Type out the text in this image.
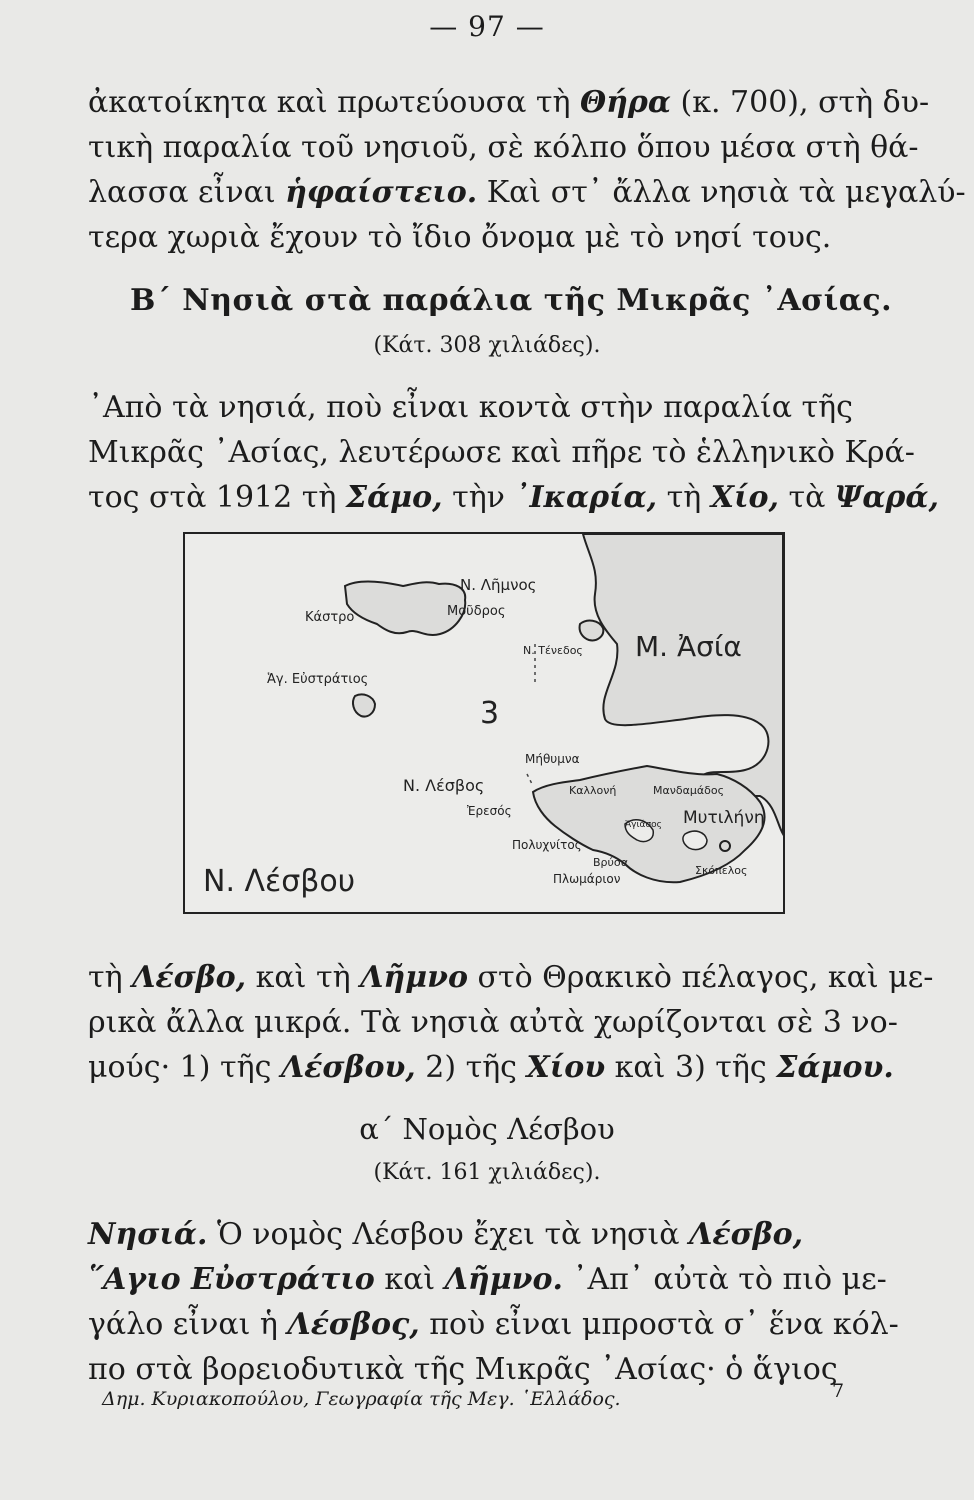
— 97 —
ἀκατοίκητα καὶ πρωτεύουσα τὴ Θήρα (κ. 700), στὴ δυ-
τικὴ παραλία τοῦ νησιοῦ, σὲ κόλπο ὅπου μέσα στὴ θά-
λασσα εἶναι ἡφαίστειο. Καὶ στ᾿ ἄλλα νησιὰ τὰ μεγαλύ-
τερα χωριὰ ἔχουν τὸ ἴδιο ὄνομα μὲ τὸ νησί τους.
Β΄ Νησιὰ στὰ παράλια τῆς Μικρᾶς ᾿Ασίας.
(Κάτ. 308 χιλιάδες).
᾿Απὸ τὰ νησιά, ποὺ εἶναι κοντὰ στὴν παραλία τῆς
Μικρᾶς ᾿Ασίας, λευτέρωσε καὶ πῆρε τὸ ἑλληνικὸ Κρά-
τος στὰ 1912 τὴ Σάμο, τὴν ᾿Ικαρία, τὴ Χίο, τὰ Ψαρά,
Ν. Λῆμνος
Κάστρο	Μοῦδρος
Ν. Τένεδος Μ. Ἀσία
Ἁγ. Εὐστράτιος
3
Μήθυμνα
Ν. Λέσβος	Καλλονή	Μανδαμάδος
Ἐρεσός
Ἁγιάσος Μυτιλήνη
Πολυχνίτος
Βρύσα
Πλωμάριον
Σκόπελος
Ν. Λέσβου
τὴ Λέσβο, καὶ τὴ Λῆμνο στὸ Θρακικὸ πέλαγος, καὶ με-
ρικὰ ἄλλα μικρά. Τὰ νησιὰ αὐτὰ χωρίζονται σὲ 3 νο-
μούς· 1) τῆς Λέσβου, 2) τῆς Χίου καὶ 3) τῆς Σάμου.
α΄ Νομὸς Λέσβου
(Κάτ. 161 χιλιάδες).
Νησιά. Ὁ νομὸς Λέσβου ἔχει τὰ νησιὰ Λέσβο,
῞Αγιο Εὐστράτιο καὶ Λῆμνο. ᾿Απ᾿ αὐτὰ τὸ πιὸ με-
γάλο εἶναι ἡ Λέσβος, ποὺ εἶναι μπροστὰ σ᾿ ἕνα κόλ-
πο στὰ βορειοδυτικὰ τῆς Μικρᾶς ᾿Ασίας· ὁ ἅγιος
Δημ. Κυριακοπούλου, Γεωγραφία τῆς Μεγ. ῾Ελλάδος.	7
